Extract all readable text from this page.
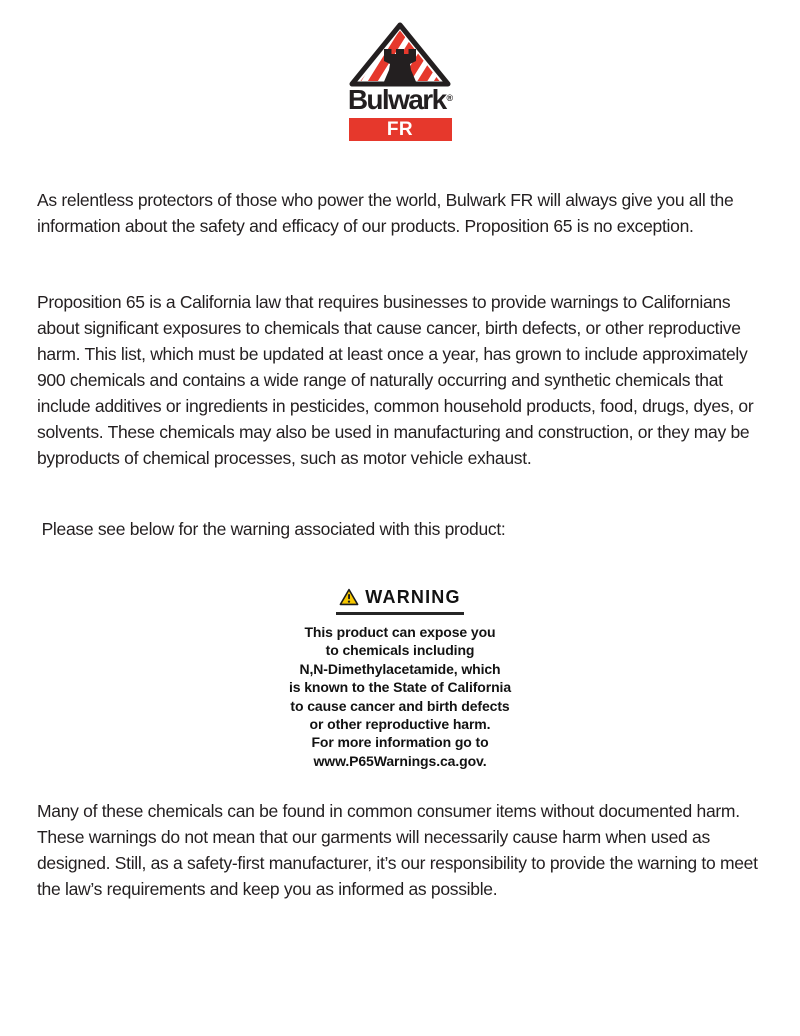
Bulwark®
FR
As relentless protectors of those who power the world, Bulwark FR will always give you all the information about the safety and efficacy of our products. Proposition 65 is no exception.
Proposition 65 is a California law that requires businesses to provide warnings to Californians about significant exposures to chemicals that cause cancer, birth defects, or other reproductive harm. This list, which must be updated at least once a year, has grown to include approximately 900 chemicals and contains a wide range of naturally occurring and synthetic chemicals that include additives or ingredients in pesticides, common household products, food, drugs, dyes, or solvents. These chemicals may also be used in manufacturing and construction, or they may be byproducts of chemical processes, such as motor vehicle exhaust.
Please see below for the warning associated with this product:
WARNING
This product can expose you
to chemicals including
N,N-Dimethylacetamide, which
is known to the State of California
to cause cancer and birth defects
or other reproductive harm.
For more information go to
www.P65Warnings.ca.gov.
Many of these chemicals can be found in common consumer items without documented harm. These warnings do not mean that our garments will necessarily cause harm when used as designed. Still, as a safety-first manufacturer, it’s our responsibility to provide the warning to meet the law’s requirements and keep you as informed as possible.
